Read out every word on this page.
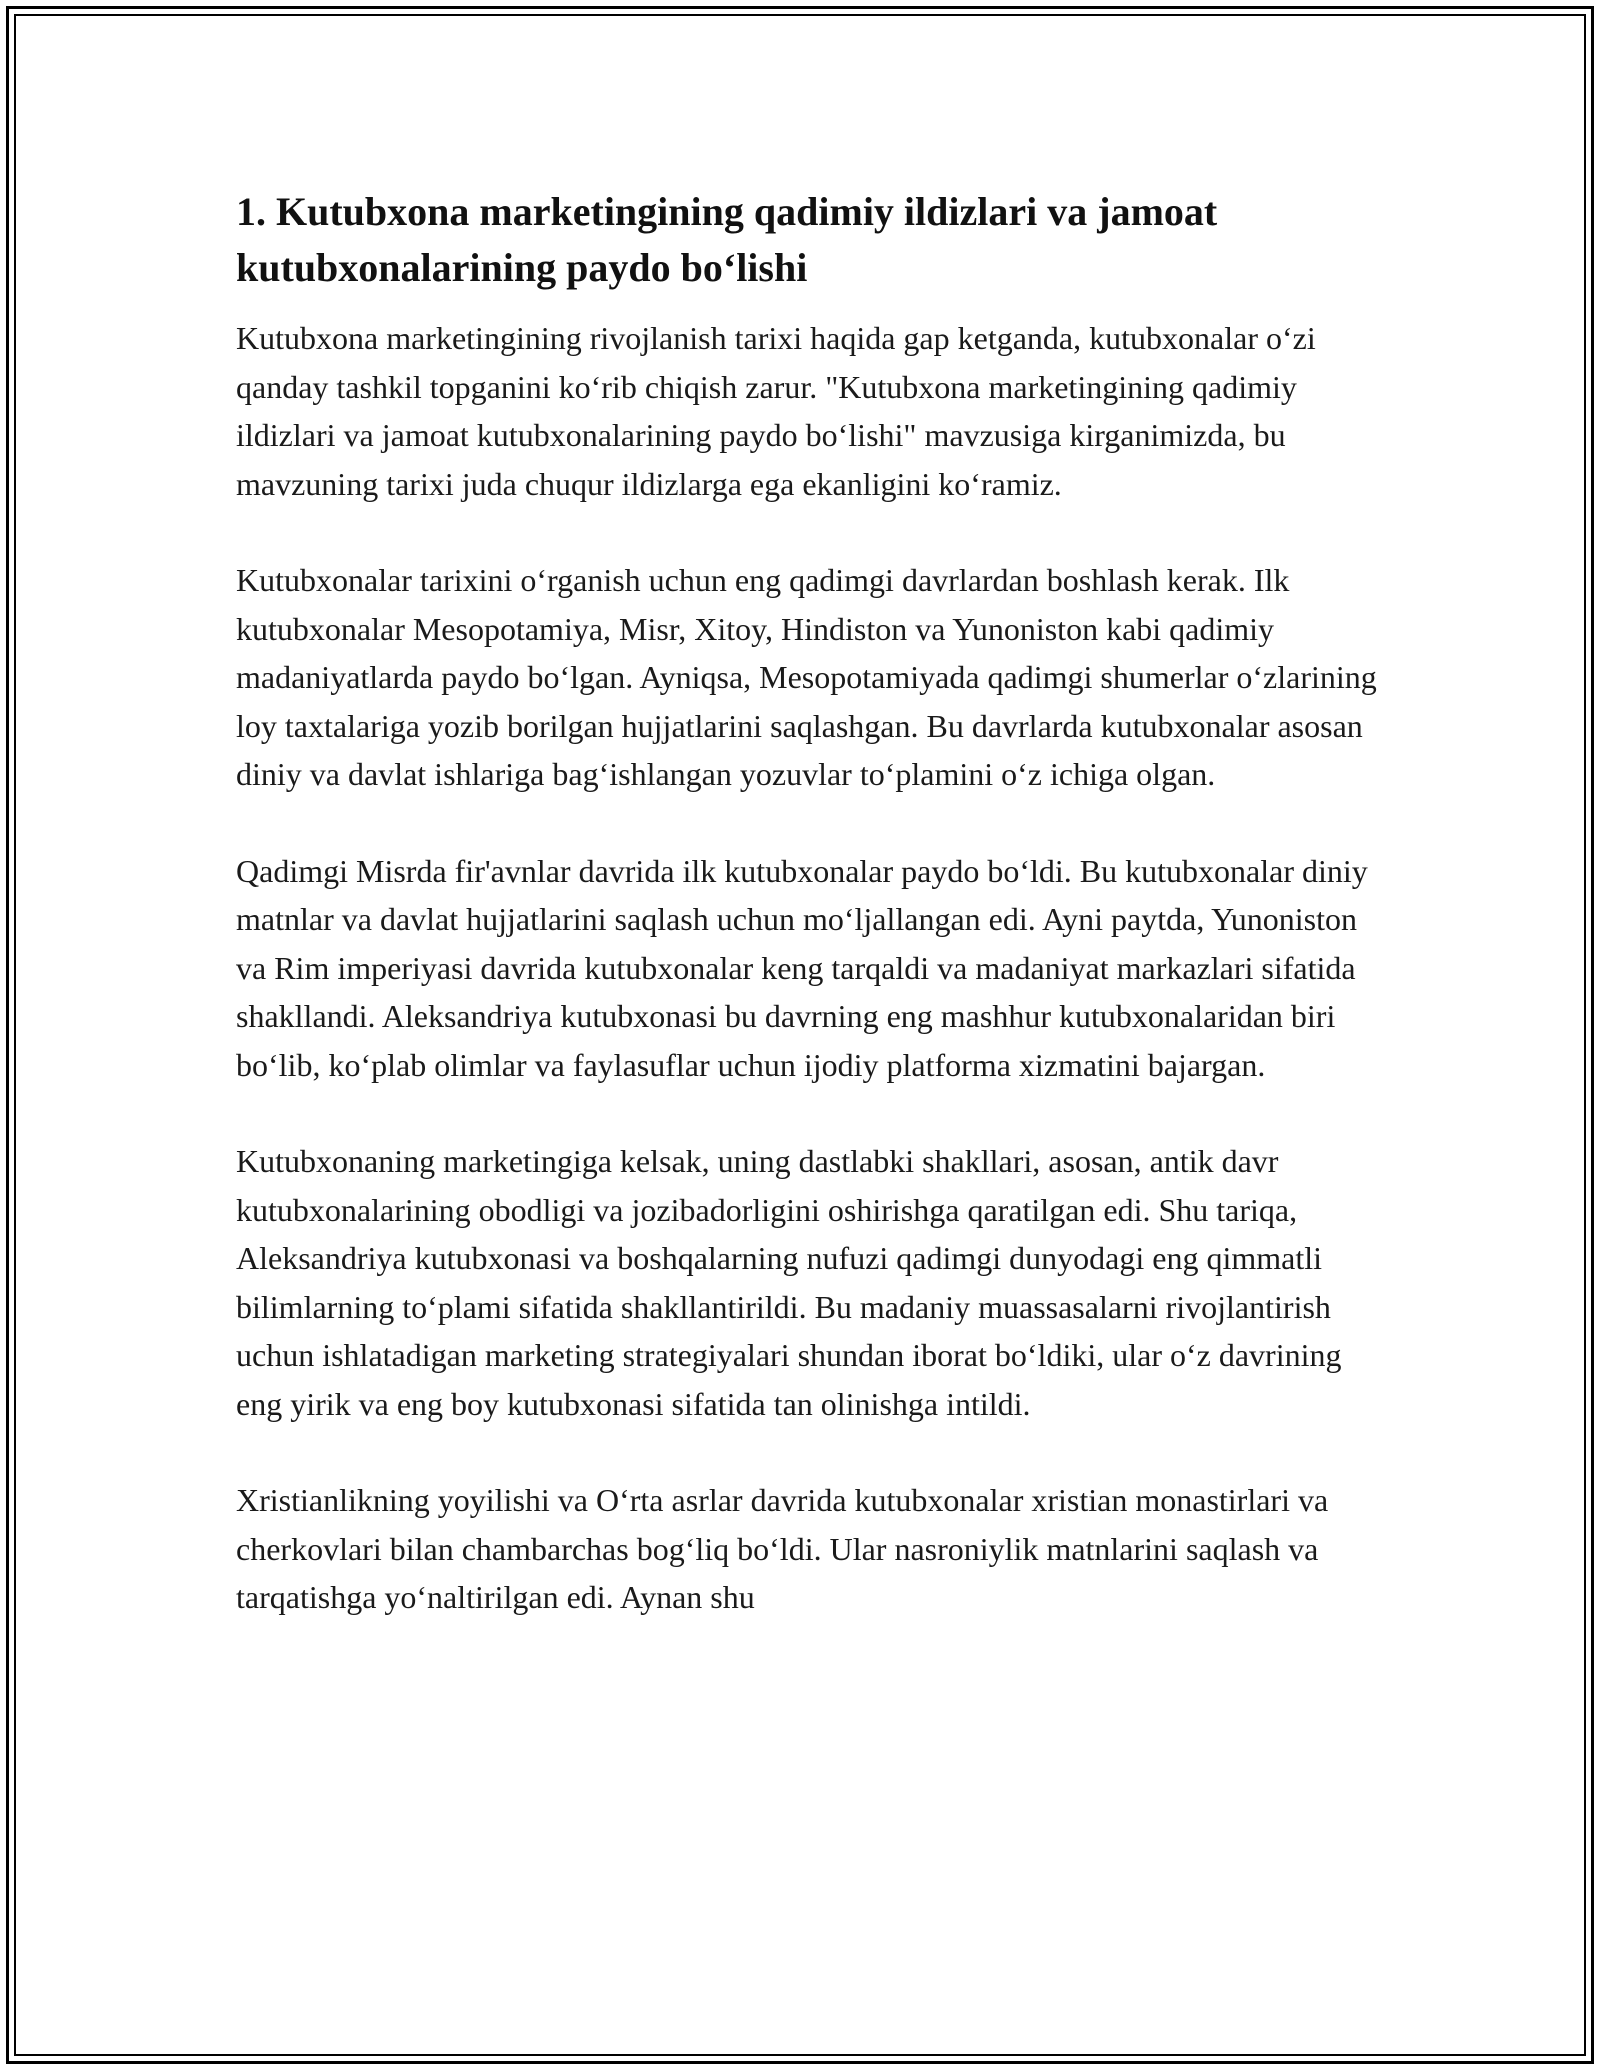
1. Kutubxona marketingining qadimiy ildizlari va jamoat kutubxonalarining paydo bo‘lishi

Kutubxona marketingining rivojlanish tarixi haqida gap ketganda, kutubxonalar o‘zi qanday tashkil topganini ko‘rib chiqish zarur. "Kutubxona marketingining qadimiy ildizlari va jamoat kutubxonalarining paydo bo‘lishi" mavzusiga kirganimizda, bu mavzuning tarixi juda chuqur ildizlarga ega ekanligini ko‘ramiz.

Kutubxonalar tarixini o‘rganish uchun eng qadimgi davrlardan boshlash kerak. Ilk kutubxonalar Mesopotamiya, Misr, Xitoy, Hindiston va Yunoniston kabi qadimiy madaniyatlarda paydo bo‘lgan. Ayniqsa, Mesopotamiyada qadimgi shumerlar o‘zlarining loy taxtalariga yozib borilgan hujjatlarini saqlashgan. Bu davrlarda kutubxonalar asosan diniy va davlat ishlariga bag‘ishlangan yozuvlar to‘plamini o‘z ichiga olgan.

Qadimgi Misrda fir'avnlar davrida ilk kutubxonalar paydo bo‘ldi. Bu kutubxonalar diniy matnlar va davlat hujjatlarini saqlash uchun mo‘ljallangan edi. Ayni paytda, Yunoniston va Rim imperiyasi davrida kutubxonalar keng tarqaldi va madaniyat markazlari sifatida shakllandi. Aleksandriya kutubxonasi bu davrning eng mashhur kutubxonalaridan biri bo‘lib, ko‘plab olimlar va faylasuflar uchun ijodiy platforma xizmatini bajargan.

Kutubxonaning marketingiga kelsak, uning dastlabki shakllari, asosan, antik davr kutubxonalarining obodligi va jozibadorligini oshirishga qaratilgan edi. Shu tariqa, Aleksandriya kutubxonasi va boshqalarning nufuzi qadimgi dunyodagi eng qimmatli bilimlarning to‘plami sifatida shakllantirildi. Bu madaniy muassasalarni rivojlantirish uchun ishlatadigan marketing strategiyalari shundan iborat bo‘ldiki, ular o‘z davrining eng yirik va eng boy kutubxonasi sifatida tan olinishga intildi.

Xristianlikning yoyilishi va O‘rta asrlar davrida kutubxonalar xristian monastirlari va cherkovlari bilan chambarchas bog‘liq bo‘ldi. Ular nasroniylik matnlarini saqlash va tarqatishga yo‘naltirilgan edi. Aynan shu
